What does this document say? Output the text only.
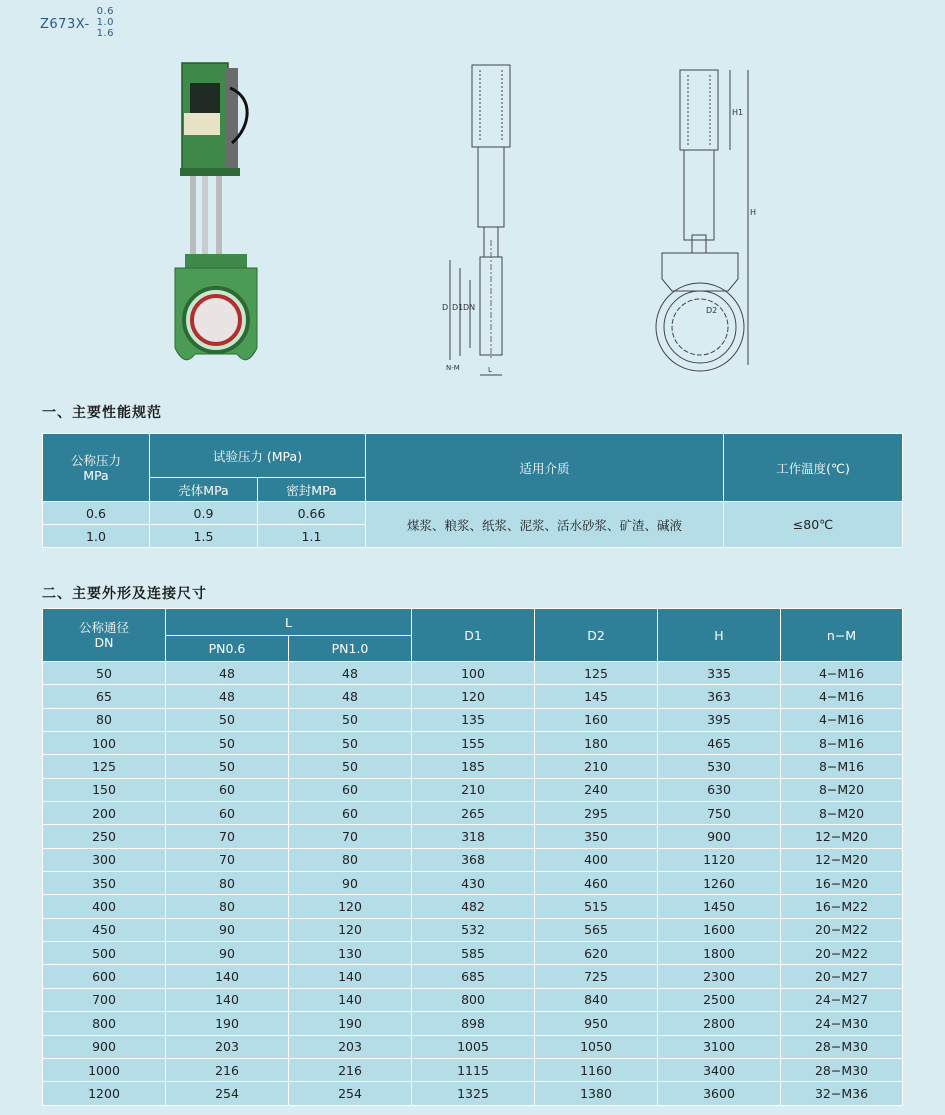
Z673X-
0.6
1.0
1.6
D D1 DN
N-M	L
H1
H
D2
一、主要性能规范
公称压力
MPa	试验压力 (MPa)		适用介质	工作温度(℃)
	壳体MPa	密封MPa		
0.6	0.9	0.66	煤浆、粮浆、纸浆、泥浆、活水砂浆、矿渣、碱液	≤80℃
1.0	1.5	1.1		
二、主要外形及连接尺寸
公称通径
DN	L		D1	D2	H	n−M
	PN0.6	PN1.0				
50	48	48	100	125	335	4−M16
65	48	48	120	145	363	4−M16
80	50	50	135	160	395	4−M16
100	50	50	155	180	465	8−M16
125	50	50	185	210	530	8−M16
150	60	60	210	240	630	8−M20
200	60	60	265	295	750	8−M20
250	70	70	318	350	900	12−M20
300	70	80	368	400	1120	12−M20
350	80	90	430	460	1260	16−M20
400	80	120	482	515	1450	16−M22
450	90	120	532	565	1600	20−M22
500	90	130	585	620	1800	20−M22
600	140	140	685	725	2300	20−M27
700	140	140	800	840	2500	24−M27
800	190	190	898	950	2800	24−M30
900	203	203	1005	1050	3100	28−M30
1000	216	216	1115	1160	3400	28−M30
1200	254	254	1325	1380	3600	32−M36
